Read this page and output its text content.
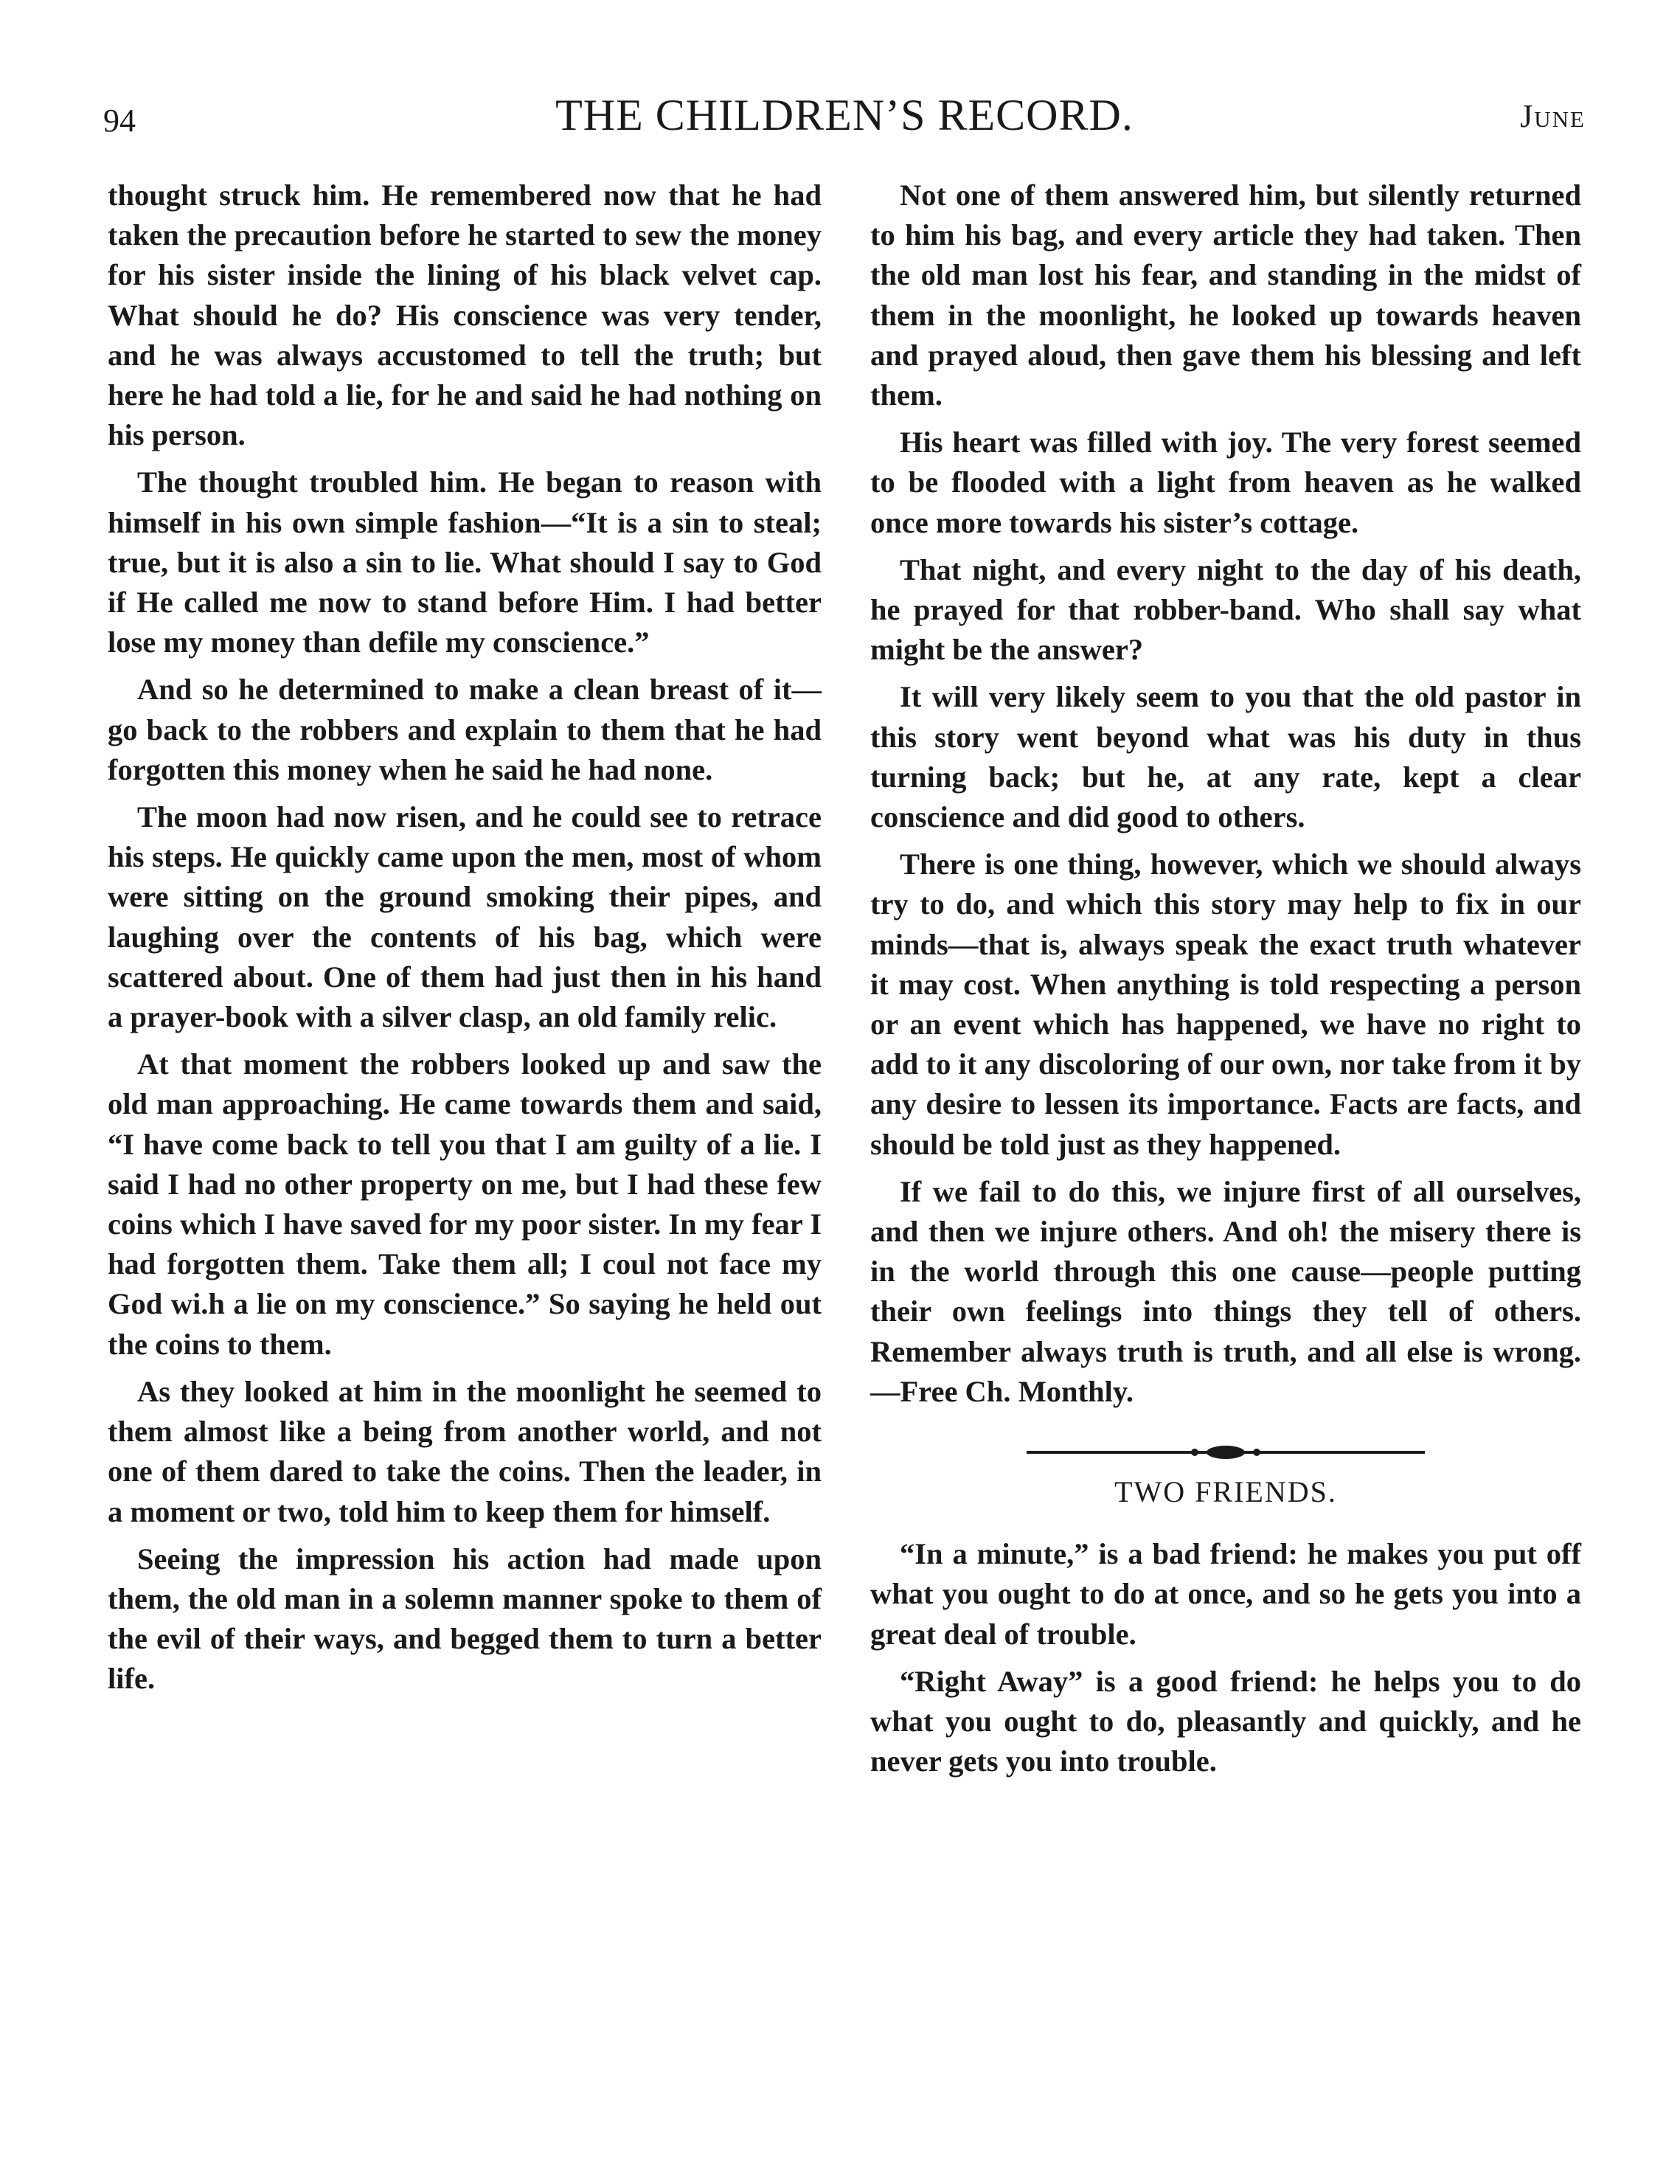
94	THE CHILDREN’S RECORD.	June

thought struck him. He remembered now that he had taken the precaution before he started to sew the money for his sister inside the lining of his black velvet cap. What should he do? His conscience was very tender, and he was always accustomed to tell the truth; but here he had told a lie, for he and said he had nothing on his person.

The thought troubled him. He began to reason with himself in his own simple fashion—“It is a sin to steal; true, but it is also a sin to lie. What should I say to God if He called me now to stand before Him. I had better lose my money than defile my conscience.”

And so he determined to make a clean breast of it—go back to the robbers and explain to them that he had forgotten this money when he said he had none.

The moon had now risen, and he could see to retrace his steps. He quickly came upon the men, most of whom were sitting on the ground smoking their pipes, and laughing over the contents of his bag, which were scattered about. One of them had just then in his hand a prayer-book with a silver clasp, an old family relic.

At that moment the robbers looked up and saw the old man approaching. He came towards them and said, “I have come back to tell you that I am guilty of a lie. I said I had no other property on me, but I had these few coins which I have saved for my poor sister. In my fear I had forgotten them. Take them all; I coul not face my God wi.h a lie on my conscience.” So saying he held out the coins to them.

As they looked at him in the moonlight he seemed to them almost like a being from another world, and not one of them dared to take the coins. Then the leader, in a moment or two, told him to keep them for himself.

Seeing the impression his action had made upon them, the old man in a solemn manner spoke to them of the evil of their ways, and begged them to turn a better life.

Not one of them answered him, but silently returned to him his bag, and every article they had taken. Then the old man lost his fear, and standing in the midst of them in the moonlight, he looked up towards heaven and prayed aloud, then gave them his blessing and left them.

His heart was filled with joy. The very forest seemed to be flooded with a light from heaven as he walked once more towards his sister’s cottage.

That night, and every night to the day of his death, he prayed for that robber-band. Who shall say what might be the answer?

It will very likely seem to you that the old pastor in this story went beyond what was his duty in thus turning back; but he, at any rate, kept a clear conscience and did good to others.

There is one thing, however, which we should always try to do, and which this story may help to fix in our minds—that is, always speak the exact truth whatever it may cost. When anything is told respecting a person or an event which has happened, we have no right to add to it any discoloring of our own, nor take from it by any desire to lessen its importance. Facts are facts, and should be told just as they happened.

If we fail to do this, we injure first of all ourselves, and then we injure others. And oh! the misery there is in the world through this one cause—people putting their own feelings into things they tell of others. Remember always truth is truth, and all else is wrong.—Free Ch. Monthly.

TWO FRIENDS.

“In a minute,” is a bad friend: he makes you put off what you ought to do at once, and so he gets you into a great deal of trouble.

“Right Away” is a good friend: he helps you to do what you ought to do, pleasantly and quickly, and he never gets you into trouble.
